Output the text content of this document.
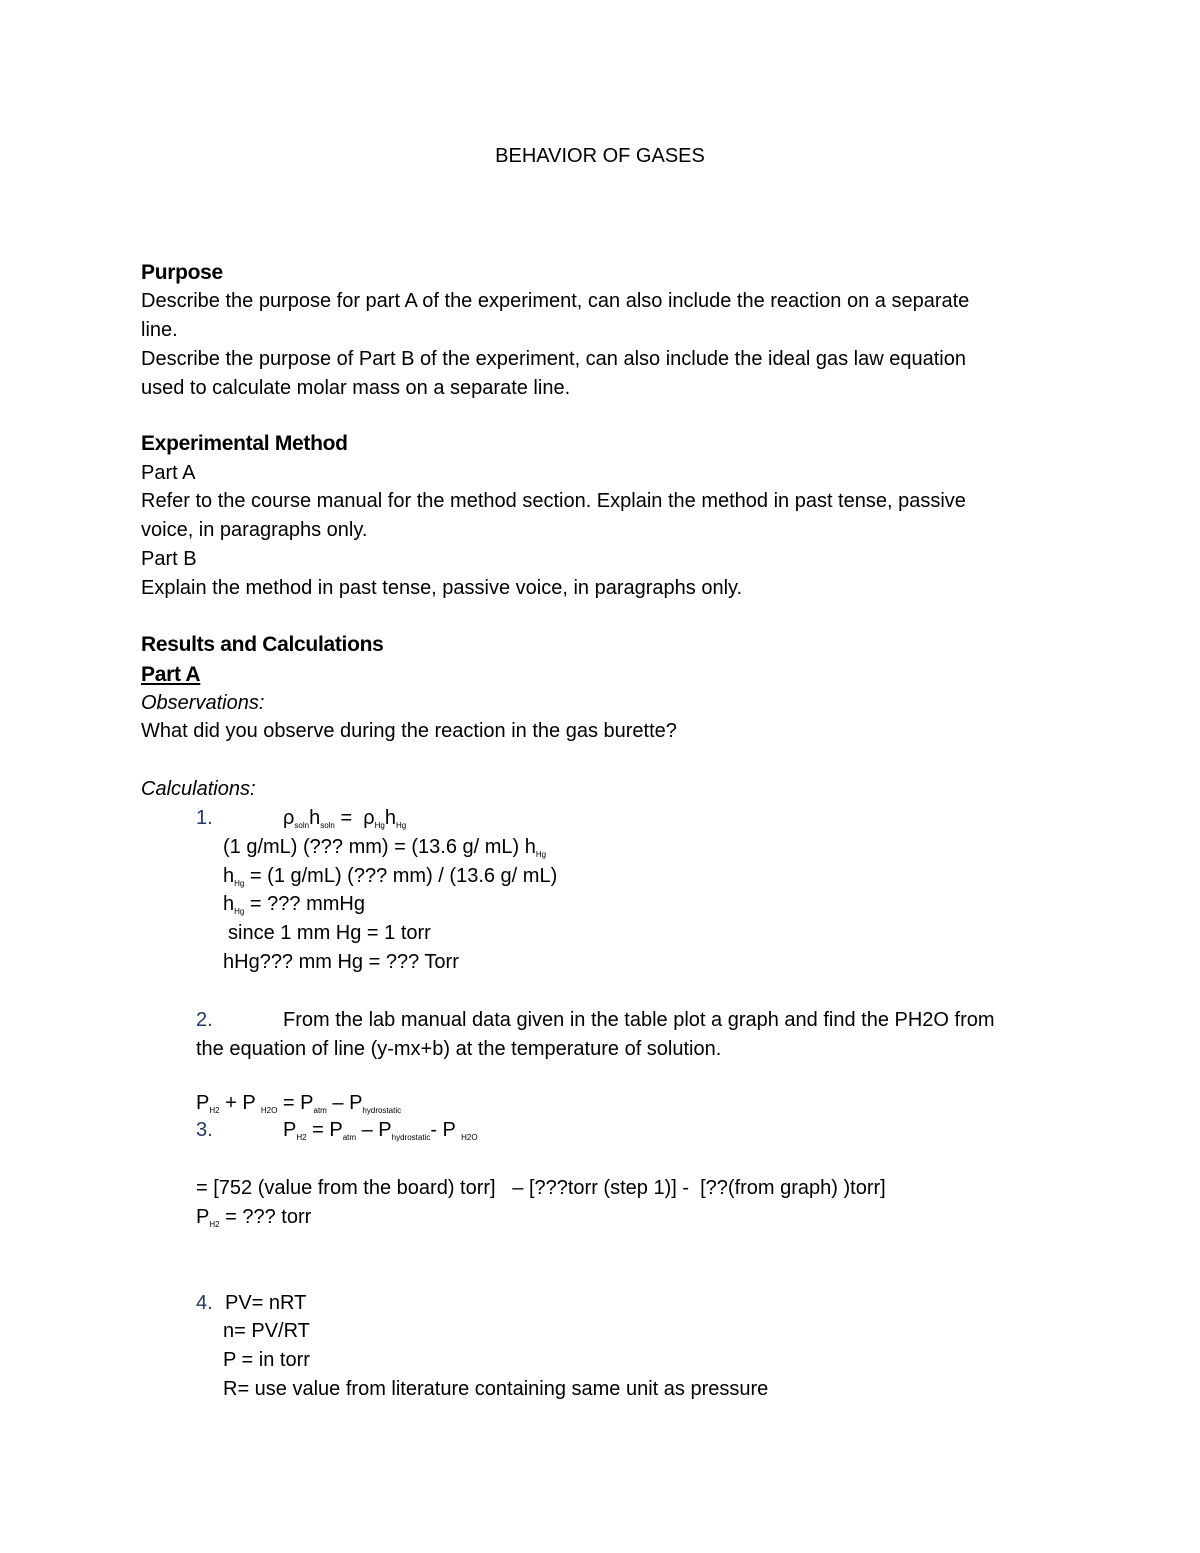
BEHAVIOR OF GASES
Purpose
Describe the purpose for part A of the experiment, can also include the reaction on a separate
line.
Describe the purpose of Part B of the experiment, can also include the ideal gas law equation
used to calculate molar mass on a separate line.
Experimental Method
Part A
Refer to the course manual for the method section. Explain the method in past tense, passive
voice, in paragraphs only.
Part B
Explain the method in past tense, passive voice, in paragraphs only.
Results and Calculations
Part A
Observations:
What did you observe during the reaction in the gas burette?
Calculations:
1.	$\rho_{soln}h_{soln} = \rho_{Hg}h_{Hg}$
(1 g/mL) (??? mm) = (13.6 g/ mL) $h_{Hg}$
$h_{Hg} = (1$ g/mL) (??? mm) / (13.6 g/ mL)
$h_{Hg}$ = ??? mmHg
since 1 mm Hg = 1 torr
hHg??? mm Hg = ??? Torr
2.	From the lab manual data given in the table plot a graph and find the PH2O from
the equation of line (y-mx+b) at the temperature of solution.
$P_{H2} + P$ $_{H2O} = P_{atm} - P_{hydrostatic}$
3.	$P_{H2} = P_{atm} - P_{hydrostatic}-$ P $_{H2O}$
= [752 (value from the board) torr]   – [???torr (step 1)] -  [??(from graph) )torr]
$P_{H2}$ = ??? torr
4. PV= nRT
n= PV/RT
P = in torr
R= use value from literature containing same unit as pressure
